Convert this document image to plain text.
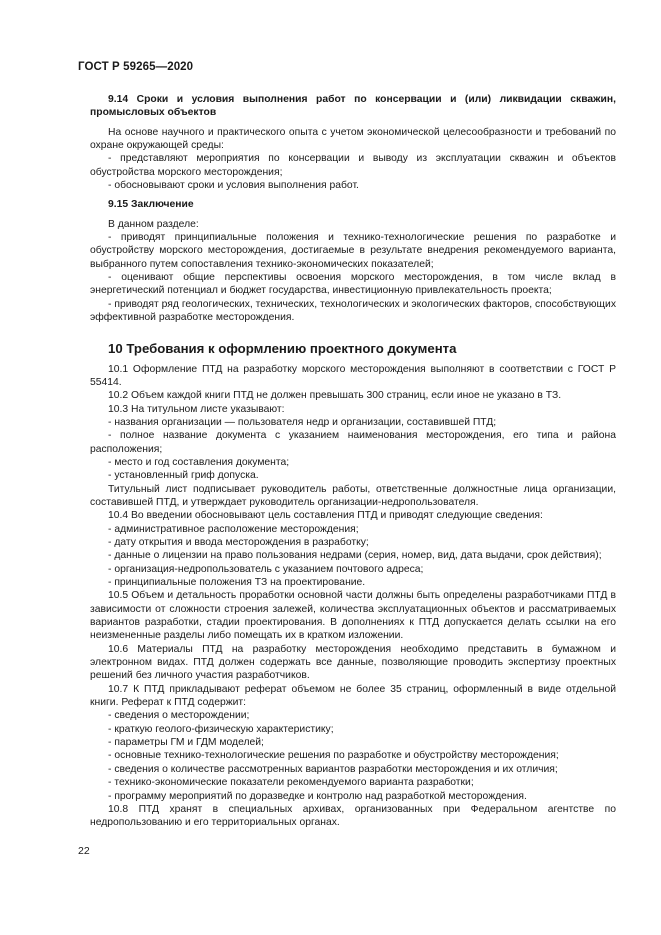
ГОСТ Р 59265—2020

9.14 Сроки и условия выполнения работ по консервации и (или) ликвидации скважин, промысловых объектов

На основе научного и практического опыта с учетом экономической целесообразности и требований по охране окружающей среды:

- представляют мероприятия по консервации и выводу из эксплуатации скважин и объектов обустройства морского месторождения;

- обосновывают сроки и условия выполнения работ.

9.15 Заключение

В данном разделе:

- приводят принципиальные положения и технико-технологические решения по разработке и обустройству морского месторождения, достигаемые в результате внедрения рекомендуемого варианта, выбранного путем сопоставления технико-экономических показателей;

- оценивают общие перспективы освоения морского месторождения, в том числе вклад в энергетический потенциал и бюджет государства, инвестиционную привлекательность проекта;

- приводят ряд геологических, технических, технологических и экологических факторов, способствующих эффективной разработке месторождения.

10 Требования к оформлению проектного документа

10.1 Оформление ПТД на разработку морского месторождения выполняют в соответствии с ГОСТ Р 55414.

10.2 Объем каждой книги ПТД не должен превышать 300 страниц, если иное не указано в ТЗ.

10.3 На титульном листе указывают:

- названия организации — пользователя недр и организации, составившей ПТД;

- полное название документа с указанием наименования месторождения, его типа и района расположения;

- место и год составления документа;

- установленный гриф допуска.

Титульный лист подписывает руководитель работы, ответственные должностные лица организации, составившей ПТД, и утверждает руководитель организации-недропользователя.

10.4 Во введении обосновывают цель составления ПТД и приводят следующие сведения:

- административное расположение месторождения;

- дату открытия и ввода месторождения в разработку;

- данные о лицензии на право пользования недрами (серия, номер, вид, дата выдачи, срок действия);

- организация-недропользователь с указанием почтового адреса;

- принципиальные положения ТЗ на проектирование.

10.5 Объем и детальность проработки основной части должны быть определены разработчиками ПТД в зависимости от сложности строения залежей, количества эксплуатационных объектов и рассматриваемых вариантов разработки, стадии проектирования. В дополнениях к ПТД допускается делать ссылки на его неизмененные разделы либо помещать их в кратком изложении.

10.6 Материалы ПТД на разработку месторождения необходимо представить в бумажном и электронном видах. ПТД должен содержать все данные, позволяющие проводить экспертизу проектных решений без личного участия разработчиков.

10.7 К ПТД прикладывают реферат объемом не более 35 страниц, оформленный в виде отдельной книги. Реферат к ПТД содержит:

- сведения о месторождении;

- краткую геолого-физическую характеристику;

- параметры ГМ и ГДМ моделей;

- основные технико-технологические решения по разработке и обустройству месторождения;

- сведения о количестве рассмотренных вариантов разработки месторождения и их отличия;

- технико-экономические показатели рекомендуемого варианта разработки;

- программу мероприятий по доразведке и контролю над разработкой месторождения.

10.8 ПТД хранят в специальных архивах, организованных при Федеральном агентстве по недропользованию и его территориальных органах.

22
